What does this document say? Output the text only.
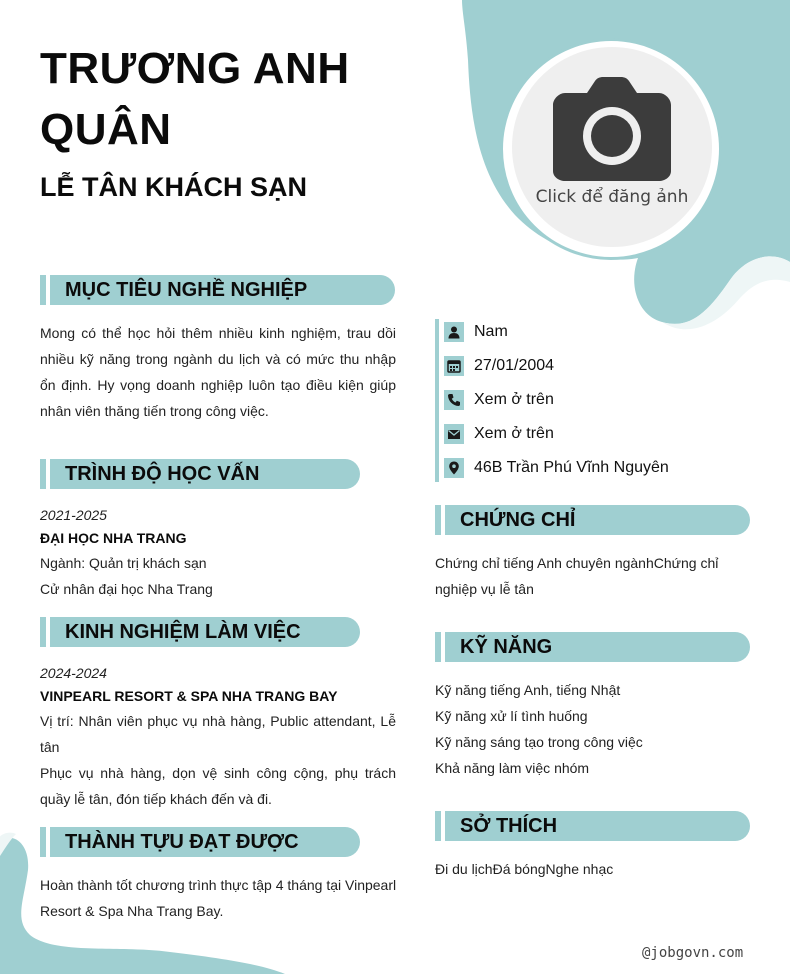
TRƯƠNG ANH QUÂN
LỄ TÂN KHÁCH SẠN	Click để đăng ảnh
MỤC TIÊU NGHỀ NGHIỆP
Mong có thể học hỏi thêm nhiều kinh nghiệm, trau dồi nhiều kỹ năng trong ngành du lịch và có mức thu nhập ổn định. Hy vọng doanh nghiệp luôn tạo điều kiện giúp nhân viên thăng tiến trong công việc.
TRÌNH ĐỘ HỌC VẤN
2021-2025
ĐẠI HỌC NHA TRANG
Ngành: Quản trị khách sạn
Cử nhân đại học Nha Trang
KINH NGHIỆM LÀM VIỆC
2024-2024
VINPEARL RESORT & SPA NHA TRANG BAY
Vị trí: Nhân viên phục vụ nhà hàng, Public attendant, Lễ tân
Phục vụ nhà hàng, dọn vệ sinh công cộng, phụ trách quầy lễ tân, đón tiếp khách đến và đi.
THÀNH TỰU ĐẠT ĐƯỢC
Hoàn thành tốt chương trình thực tập 4 tháng tại Vinpearl Resort & Spa Nha Trang Bay.
Nam
27/01/2004
Xem ở trên
Xem ở trên
46B Trần Phú Vĩnh Nguyên
CHỨNG CHỈ
Chứng chỉ tiếng Anh chuyên ngànhChứng chỉ nghiệp vụ lễ tân
KỸ NĂNG
Kỹ năng tiếng Anh, tiếng Nhật
Kỹ năng xử lí tình huống
Kỹ năng sáng tạo trong công việc
Khả năng làm việc nhóm
SỞ THÍCH
Đi du lịchĐá bóngNghe nhạc
@jobgovn.com
